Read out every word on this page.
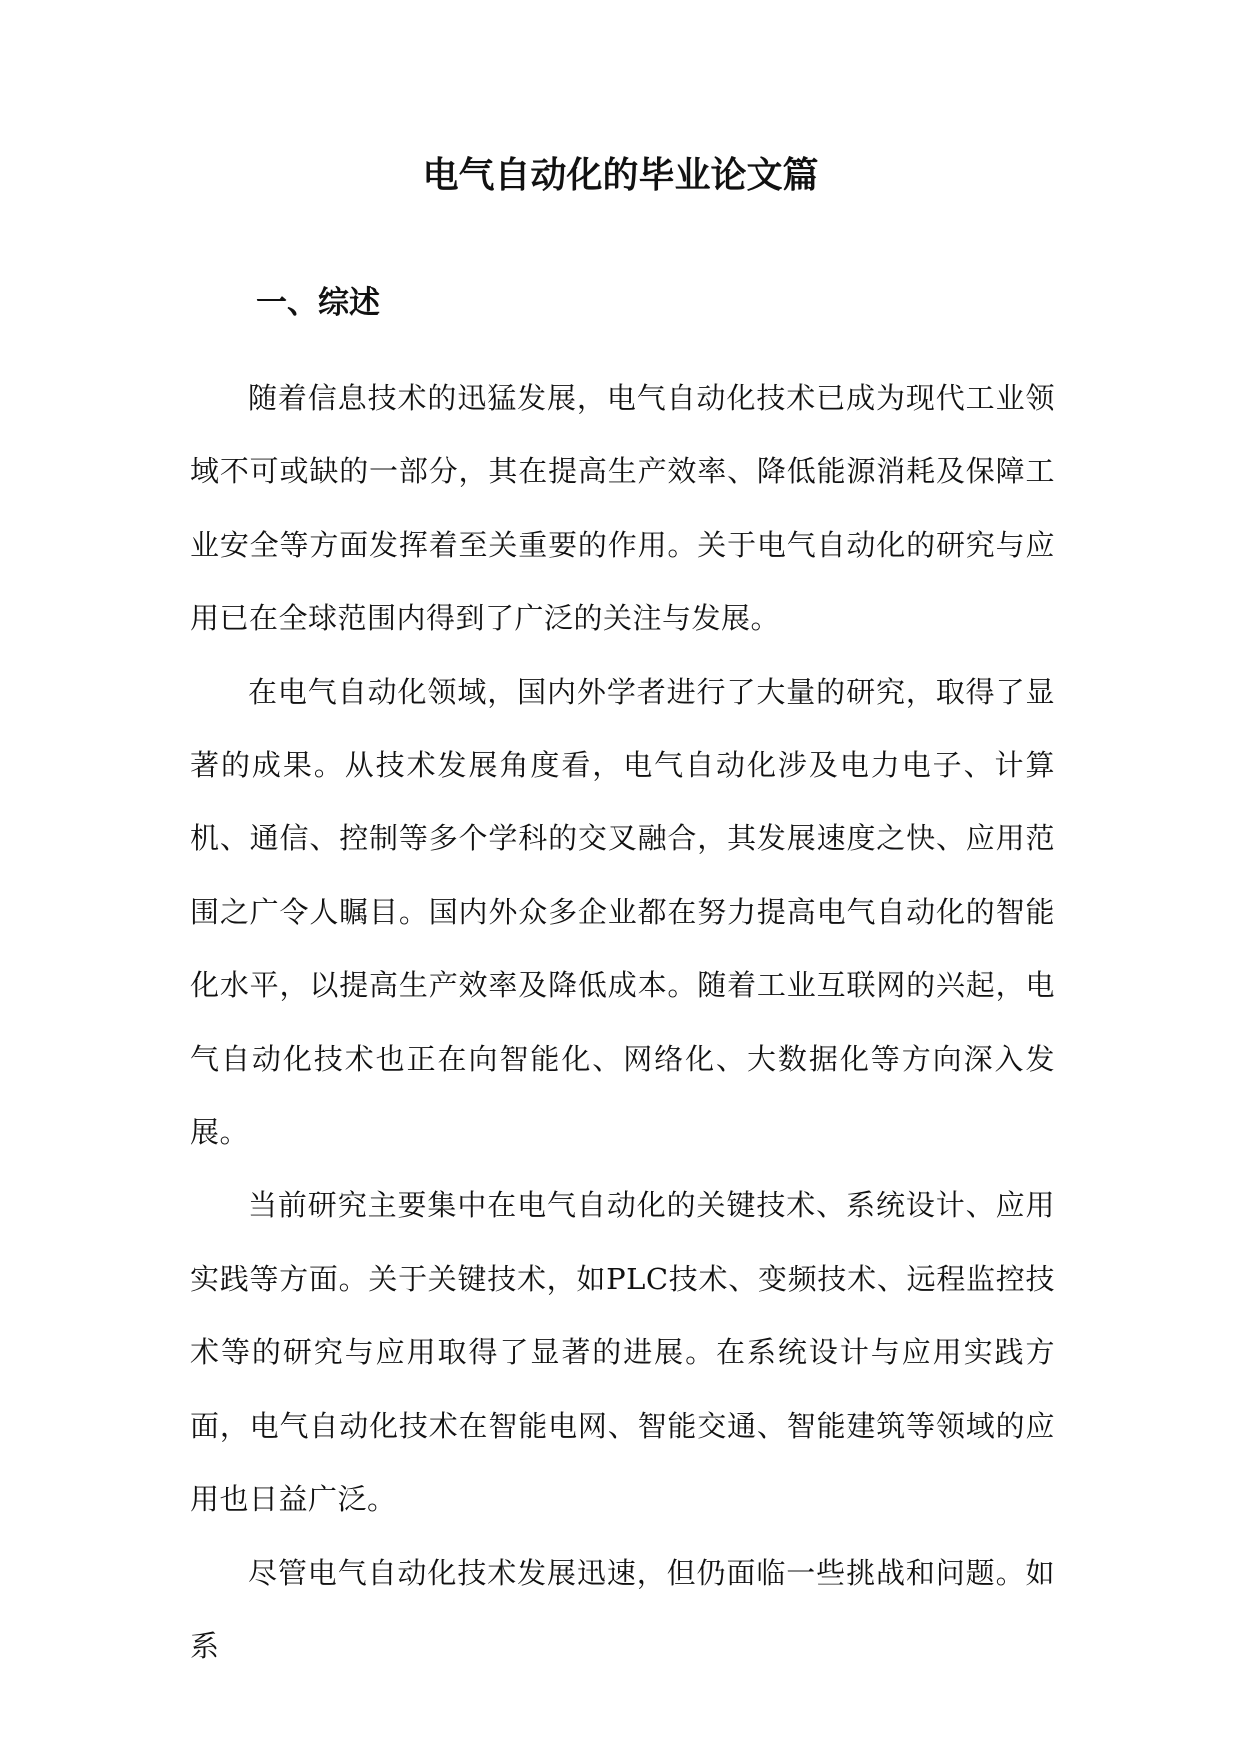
电气自动化的毕业论文篇
一、综述

随着信息技术的迅猛发展，电气自动化技术已成为现代工业领域不可或缺的一部分，其在提高生产效率、降低能源消耗及保障工业安全等方面发挥着至关重要的作用。关于电气自动化的研究与应用已在全球范围内得到了广泛的关注与发展。

在电气自动化领域，国内外学者进行了大量的研究，取得了显著的成果。从技术发展角度看，电气自动化涉及电力电子、计算机、通信、控制等多个学科的交叉融合，其发展速度之快、应用范围之广令人瞩目。国内外众多企业都在努力提高电气自动化的智能化水平，以提高生产效率及降低成本。随着工业互联网的兴起，电气自动化技术也正在向智能化、网络化、大数据化等方向深入发展。

当前研究主要集中在电气自动化的关键技术、系统设计、应用实践等方面。关于关键技术，如PLC技术、变频技术、远程监控技术等的研究与应用取得了显著的进展。在系统设计与应用实践方面，电气自动化技术在智能电网、智能交通、智能建筑等领域的应用也日益广泛。

尽管电气自动化技术发展迅速，但仍面临一些挑战和问题。如系
